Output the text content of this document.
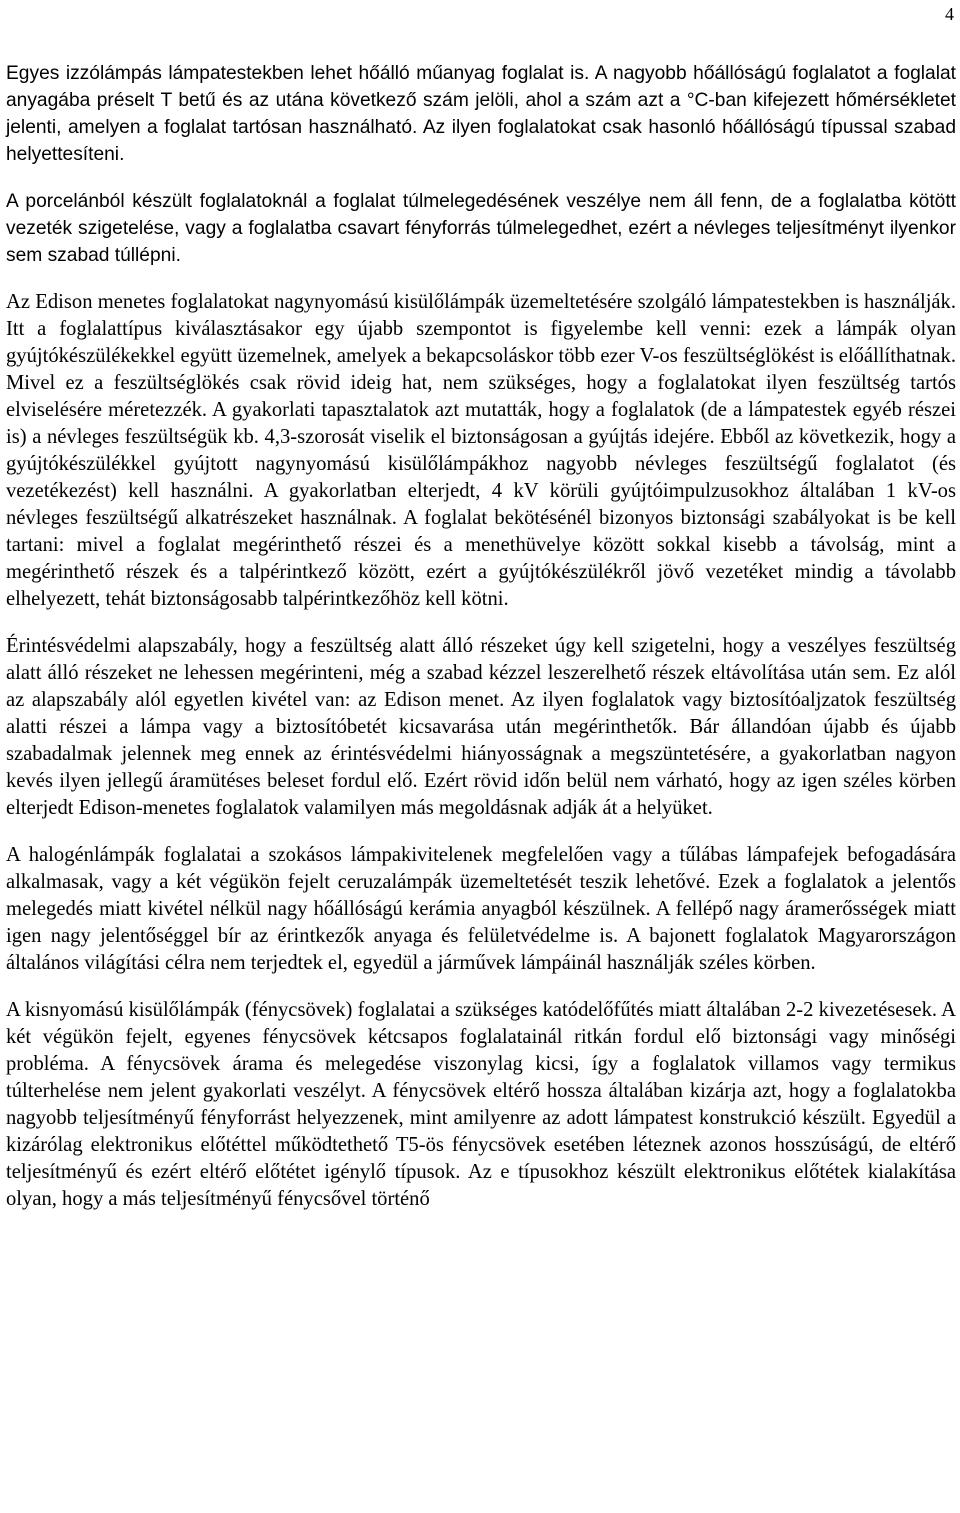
4

Egyes izzólámpás lámpatestekben lehet hőálló műanyag foglalat is. A nagyobb hőállóságú foglalatot a foglalat anyagába préselt T betű és az utána következő szám jelöli, ahol a szám azt a °C-ban kifejezett hőmérsékletet jelenti, amelyen a foglalat tartósan használható. Az ilyen foglalatokat csak hasonló hőállóságú típussal szabad helyettesíteni.

A porcelánból készült foglalatoknál a foglalat túlmelegedésének veszélye nem áll fenn, de a foglalatba kötött vezeték szigetelése, vagy a foglalatba csavart fényforrás túlmelegedhet, ezért a névleges teljesítményt ilyenkor sem szabad túllépni.

Az Edison menetes foglalatokat nagynyomású kisülőlámpák üzemeltetésére szolgáló lámpatestekben is használják. Itt a foglalattípus kiválasztásakor egy újabb szempontot is figyelembe kell venni: ezek a lámpák olyan gyújtókészülékekkel együtt üzemelnek, amelyek a bekapcsoláskor több ezer V-os feszültséglökést is előállíthatnak. Mivel ez a feszültséglökés csak rövid ideig hat, nem szükséges, hogy a foglalatokat ilyen feszültség tartós elviselésére méretezzék. A gyakorlati tapasztalatok azt mutatták, hogy a foglalatok (de a lámpatestek egyéb részei is) a névleges feszültségük kb. 4,3-szorosát viselik el biztonságosan a gyújtás idejére. Ebből az következik, hogy a gyújtókészülékkel gyújtott nagynyomású kisülőlámpákhoz nagyobb névleges feszültségű foglalatot (és vezetékezést) kell használni. A gyakorlatban elterjedt, 4 kV körüli gyújtóimpulzusokhoz általában 1 kV-os névleges feszültségű alkatrészeket használnak. A foglalat bekötésénél bizonyos biztonsági szabályokat is be kell tartani: mivel a foglalat megérinthető részei és a menethüvelye között sokkal kisebb a távolság, mint a megérinthető részek és a talpérintkező között, ezért a gyújtókészülékről jövő vezetéket mindig a távolabb elhelyezett, tehát biztonságosabb talpérintkezőhöz kell kötni.

Érintésvédelmi alapszabály, hogy a feszültség alatt álló részeket úgy kell szigetelni, hogy a veszélyes feszültség alatt álló részeket ne lehessen megérinteni, még a szabad kézzel leszerelhető részek eltávolítása után sem. Ez alól az alapszabály alól egyetlen kivétel van: az Edison menet. Az ilyen foglalatok vagy biztosítóaljzatok feszültség alatti részei a lámpa vagy a biztosítóbetét kicsavarása után megérinthetők. Bár állandóan újabb és újabb szabadalmak jelennek meg ennek az érintésvédelmi hiányosságnak a megszüntetésére, a gyakorlatban nagyon kevés ilyen jellegű áramütéses beleset fordul elő. Ezért rövid időn belül nem várható, hogy az igen széles körben elterjedt Edison-menetes foglalatok valamilyen más megoldásnak adják át a helyüket.

A halogénlámpák foglalatai a szokásos lámpakivitelenek megfelelően vagy a tűlábas lámpafejek befogadására alkalmasak, vagy a két végükön fejelt ceruzalámpák üzemeltetését teszik lehetővé. Ezek a foglalatok a jelentős melegedés miatt kivétel nélkül nagy hőállóságú kerámia anyagból készülnek. A fellépő nagy áramerősségek miatt igen nagy jelentőséggel bír az érintkezők anyaga és felületvédelme is. A bajonett foglalatok Magyarországon általános világítási célra nem terjedtek el, egyedül a járművek lámpáinál használják széles körben.

A kisnyomású kisülőlámpák (fénycsövek) foglalatai a szükséges katódelőfűtés miatt általában 2-2 kivezetésesek. A két végükön fejelt, egyenes fénycsövek kétcsapos foglalatainál ritkán fordul elő biztonsági vagy minőségi probléma. A fénycsövek árama és melegedése viszonylag kicsi, így a foglalatok villamos vagy termikus túlterhelése nem jelent gyakorlati veszélyt. A fénycsövek eltérő hossza általában kizárja azt, hogy a foglalatokba nagyobb teljesítményű fényforrást helyezzenek, mint amilyenre az adott lámpatest konstrukció készült. Egyedül a kizárólag elektronikus előtéttel működtethető T5-ös fénycsövek esetében léteznek azonos hosszúságú, de eltérő teljesítményű és ezért eltérő előtétet igénylő típusok. Az e típusokhoz készült elektronikus előtétek kialakítása olyan, hogy a más teljesítményű fénycsővel történő
